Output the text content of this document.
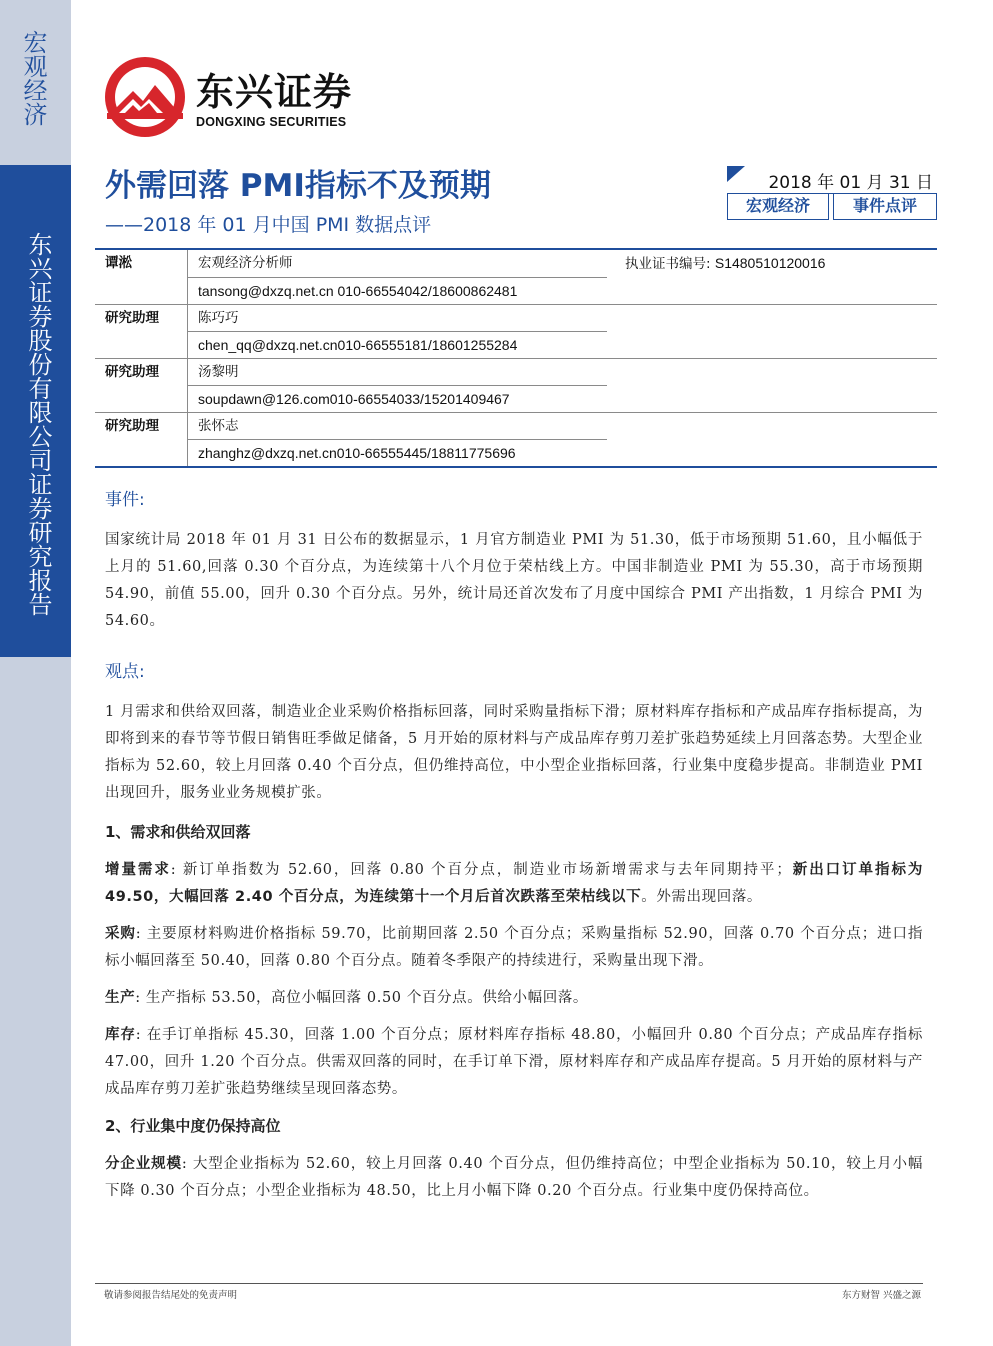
宏观经济
东兴证券股份有限公司证券研究报告
东兴证券
DONGXING SECURITIES
外需回落 PMI指标不及预期
——2018 年 01 月中国 PMI 数据点评
2018 年 01 月 31 日
宏观经济	事件点评
谭淞	宏观经济分析师	执业证书编号: S1480510120016
tansong@dxzq.net.cn 010-66554042/18600862481
研究助理	陈巧巧
chen_qq@dxzq.net.cn010-66555181/18601255284
研究助理	汤黎明
soupdawn@126.com010-66554033/15201409467
研究助理	张怀志
zhanghz@dxzq.net.cn010-66555445/18811775696
事件:
国家统计局 2018 年 01 月 31 日公布的数据显示，1 月官方制造业 PMI 为 51.30，低于市场预期 51.60，且小幅低于上月的 51.60,回落 0.30 个百分点，为连续第十八个月位于荣枯线上方。中国非制造业 PMI 为 55.30，高于市场预期 54.90，前值 55.00，回升 0.30 个百分点。另外，统计局还首次发布了月度中国综合 PMI 产出指数，1 月综合 PMI 为 54.60。
观点:
1 月需求和供给双回落，制造业企业采购价格指标回落，同时采购量指标下滑；原材料库存指标和产成品库存指标提高，为即将到来的春节等节假日销售旺季做足储备，5 月开始的原材料与产成品库存剪刀差扩张趋势延续上月回落态势。大型企业指标为 52.60，较上月回落 0.40 个百分点，但仍维持高位，中小型企业指标回落，行业集中度稳步提高。非制造业 PMI 出现回升，服务业业务规模扩张。
1、需求和供给双回落
增量需求: 新订单指数为 52.60，回落 0.80 个百分点，制造业市场新增需求与去年同期持平；新出口订单指标为 49.50，大幅回落 2.40 个百分点，为连续第十一个月后首次跌落至荣枯线以下。外需出现回落。
采购: 主要原材料购进价格指标 59.70，比前期回落 2.50 个百分点；采购量指标 52.90，回落 0.70 个百分点；进口指标小幅回落至 50.40，回落 0.80 个百分点。随着冬季限产的持续进行，采购量出现下滑。
生产: 生产指标 53.50，高位小幅回落 0.50 个百分点。供给小幅回落。
库存: 在手订单指标 45.30，回落 1.00 个百分点；原材料库存指标 48.80，小幅回升 0.80 个百分点；产成品库存指标 47.00，回升 1.20 个百分点。供需双回落的同时，在手订单下滑，原材料库存和产成品库存提高。5 月开始的原材料与产成品库存剪刀差扩张趋势继续呈现回落态势。
2、行业集中度仍保持高位
分企业规模: 大型企业指标为 52.60，较上月回落 0.40 个百分点，但仍维持高位；中型企业指标为 50.10，较上月小幅下降 0.30 个百分点；小型企业指标为 48.50，比上月小幅下降 0.20 个百分点。行业集中度仍保持高位。
敬请参阅报告结尾处的免责声明	东方财智 兴盛之源
